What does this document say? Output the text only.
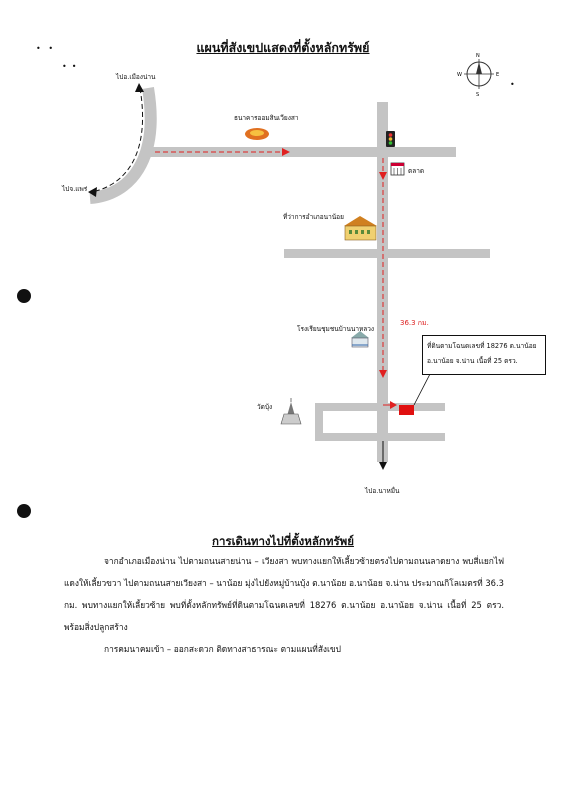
•   •
•  •
•
แผนที่สังเขปแสดงที่ตั้งหลักทรัพย์
N
S
E
W
ไปอ.เมืองน่าน
ไปจ.แพร่
ธนาคารออมสินเวียงสา
ตลาด
ที่ว่าการอำเภอนาน้อย
โรงเรียนชุมชนบ้านนาหลวง
วัดบุ้ง
ไปอ.นาหมื่น
36.3 กม.
ที่ดินตามโฉนดเลขที่ 18276 ต.นาน้อย
อ.นาน้อย จ.น่าน เนื้อที่ 25 ตรว.
การเดินทางไปที่ตั้งหลักทรัพย์

จากอำเภอเมืองน่าน ไปตามถนนสายน่าน – เวียงสา พบทางแยกให้เลี้ยวซ้ายตรงไปตามถนนลาดยาง พบสี่แยกไฟแดงให้เลี้ยวขวา ไปตามถนนสายเวียงสา – นาน้อย มุ่งไปยังหมู่บ้านบุ้ง ต.นาน้อย อ.นาน้อย จ.น่าน ประมาณกิโลเมตรที่ 36.3 กม. พบทางแยกให้เลี้ยวซ้าย พบที่ตั้งหลักทรัพย์ที่ดินตามโฉนดเลขที่ 18276 ต.นาน้อย อ.นาน้อย จ.น่าน เนื้อที่ 25 ตรว. พร้อมสิ่งปลูกสร้าง

การคมนาคมเข้า – ออกสะดวก ติดทางสาธารณะ ตามแผนที่สังเขป
